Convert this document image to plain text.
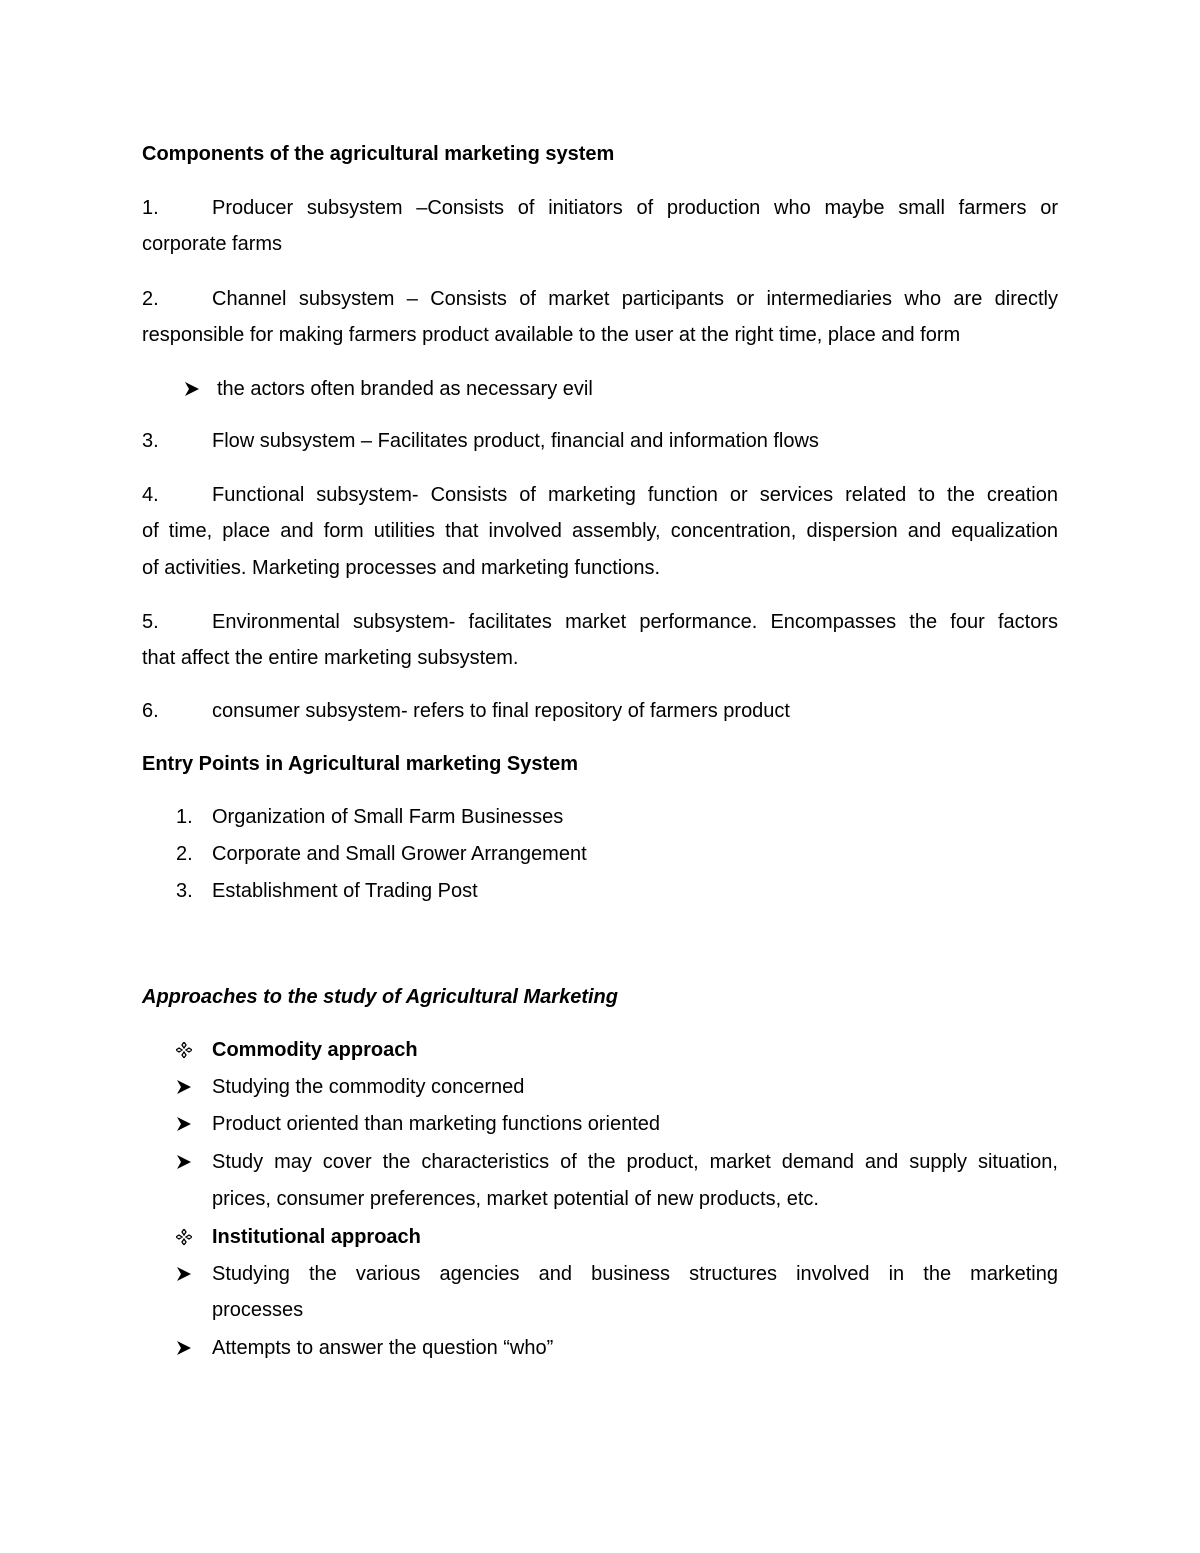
Components of the agricultural marketing system
1.	Producer subsystem –Consists of initiators of production who maybe small farmers or
corporate farms
2.	Channel subsystem – Consists of market participants or intermediaries who are directly
responsible for making farmers product available to the user at the right time, place and form
the actors often branded as necessary evil
3.	Flow subsystem – Facilitates product, financial and information flows
4.	Functional subsystem- Consists of marketing function or services related to the creation
of time, place and form utilities that involved assembly, concentration, dispersion and equalization
of activities. Marketing processes and marketing functions.
5.	Environmental subsystem- facilitates market performance. Encompasses the four factors
that affect the entire marketing subsystem.
6.	consumer subsystem- refers to final repository of farmers product
Entry Points in Agricultural marketing System
1. Organization of Small Farm Businesses
2. Corporate and Small Grower Arrangement
3. Establishment of Trading Post
Approaches to the study of Agricultural Marketing
Commodity approach
Studying the commodity concerned
Product oriented than marketing functions oriented
Study may cover the characteristics of the product, market demand and supply situation,
prices, consumer preferences, market potential of new products, etc.
Institutional approach
Studying the various agencies and business structures involved in the marketing
processes
Attempts to answer the question “who”
